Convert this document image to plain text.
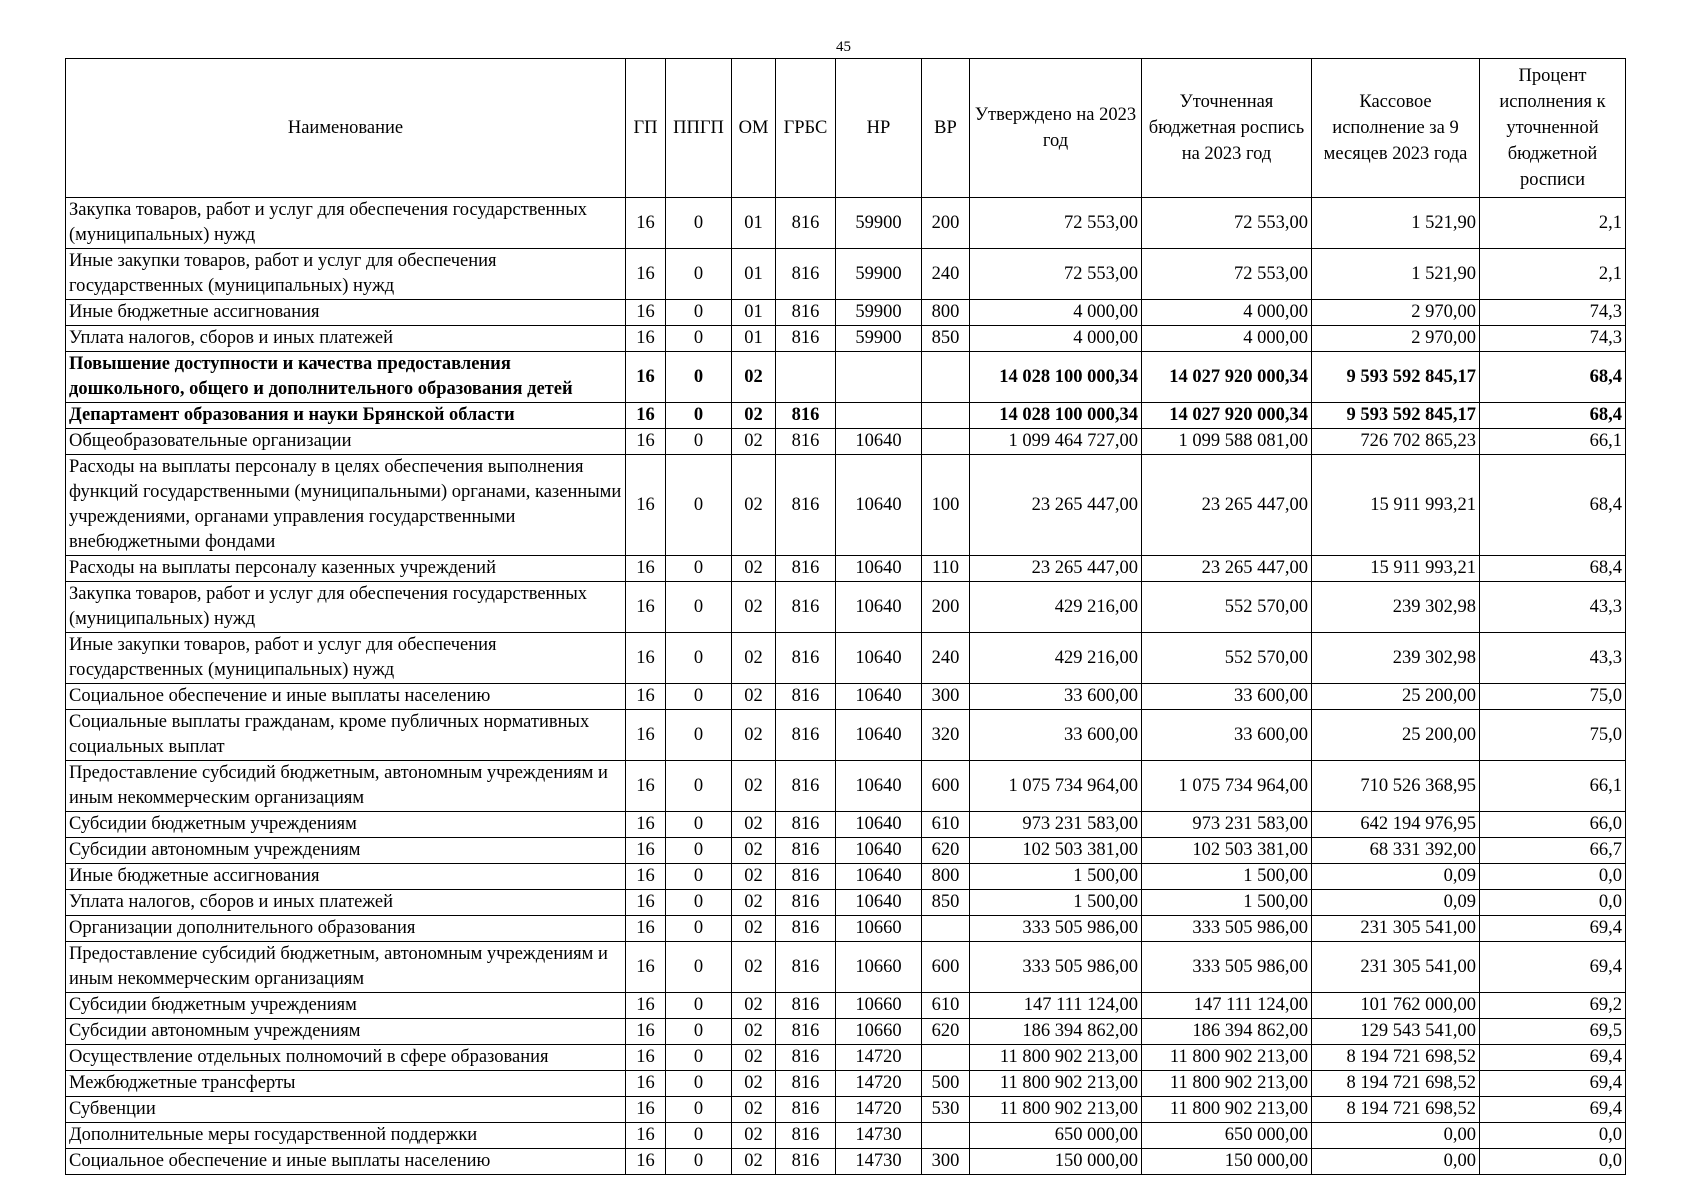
45
Наименование	ГП	ППГП	ОМ	ГРБС	НР	ВР	Утверждено на 2023 год	Уточненная бюджетная роспись на 2023 год	Кассовое исполнение за 9 месяцев 2023 года	Процент исполнения к уточненной бюджетной росписи
Закупка товаров, работ и услуг для обеспечения государственных (муниципальных) нужд	16	0	01	816	59900	200	72 553,00	72 553,00	1 521,90	2,1
Иные закупки товаров, работ и услуг для обеспечения государственных (муниципальных) нужд	16	0	01	816	59900	240	72 553,00	72 553,00	1 521,90	2,1
Иные бюджетные ассигнования	16	0	01	816	59900	800	4 000,00	4 000,00	2 970,00	74,3
Уплата налогов, сборов и иных платежей	16	0	01	816	59900	850	4 000,00	4 000,00	2 970,00	74,3
Повышение доступности и качества предоставления дошкольного, общего и дополнительного образования детей	16	0	02				14 028 100 000,34	14 027 920 000,34	9 593 592 845,17	68,4
Департамент образования и науки Брянской области	16	0	02	816			14 028 100 000,34	14 027 920 000,34	9 593 592 845,17	68,4
Общеобразовательные организации	16	0	02	816	10640		1 099 464 727,00	1 099 588 081,00	726 702 865,23	66,1
Расходы на выплаты персоналу в целях обеспечения выполнения функций государственными (муниципальными) органами, казенными учреждениями, органами управления государственными внебюджетными фондами	16	0	02	816	10640	100	23 265 447,00	23 265 447,00	15 911 993,21	68,4
Расходы на выплаты персоналу казенных учреждений	16	0	02	816	10640	110	23 265 447,00	23 265 447,00	15 911 993,21	68,4
Закупка товаров, работ и услуг для обеспечения государственных (муниципальных) нужд	16	0	02	816	10640	200	429 216,00	552 570,00	239 302,98	43,3
Иные закупки товаров, работ и услуг для обеспечения государственных (муниципальных) нужд	16	0	02	816	10640	240	429 216,00	552 570,00	239 302,98	43,3
Социальное обеспечение и иные выплаты населению	16	0	02	816	10640	300	33 600,00	33 600,00	25 200,00	75,0
Социальные выплаты гражданам, кроме публичных нормативных социальных выплат	16	0	02	816	10640	320	33 600,00	33 600,00	25 200,00	75,0
Предоставление субсидий бюджетным, автономным учреждениям и иным некоммерческим организациям	16	0	02	816	10640	600	1 075 734 964,00	1 075 734 964,00	710 526 368,95	66,1
Субсидии бюджетным учреждениям	16	0	02	816	10640	610	973 231 583,00	973 231 583,00	642 194 976,95	66,0
Субсидии автономным учреждениям	16	0	02	816	10640	620	102 503 381,00	102 503 381,00	68 331 392,00	66,7
Иные бюджетные ассигнования	16	0	02	816	10640	800	1 500,00	1 500,00	0,09	0,0
Уплата налогов, сборов и иных платежей	16	0	02	816	10640	850	1 500,00	1 500,00	0,09	0,0
Организации дополнительного образования	16	0	02	816	10660		333 505 986,00	333 505 986,00	231 305 541,00	69,4
Предоставление субсидий бюджетным, автономным учреждениям и иным некоммерческим организациям	16	0	02	816	10660	600	333 505 986,00	333 505 986,00	231 305 541,00	69,4
Субсидии бюджетным учреждениям	16	0	02	816	10660	610	147 111 124,00	147 111 124,00	101 762 000,00	69,2
Субсидии автономным учреждениям	16	0	02	816	10660	620	186 394 862,00	186 394 862,00	129 543 541,00	69,5
Осуществление отдельных полномочий в сфере образования	16	0	02	816	14720		11 800 902 213,00	11 800 902 213,00	8 194 721 698,52	69,4
Межбюджетные трансферты	16	0	02	816	14720	500	11 800 902 213,00	11 800 902 213,00	8 194 721 698,52	69,4
Субвенции	16	0	02	816	14720	530	11 800 902 213,00	11 800 902 213,00	8 194 721 698,52	69,4
Дополнительные меры государственной поддержки	16	0	02	816	14730		650 000,00	650 000,00	0,00	0,0
Социальное обеспечение и иные выплаты населению	16	0	02	816	14730	300	150 000,00	150 000,00	0,00	0,0
